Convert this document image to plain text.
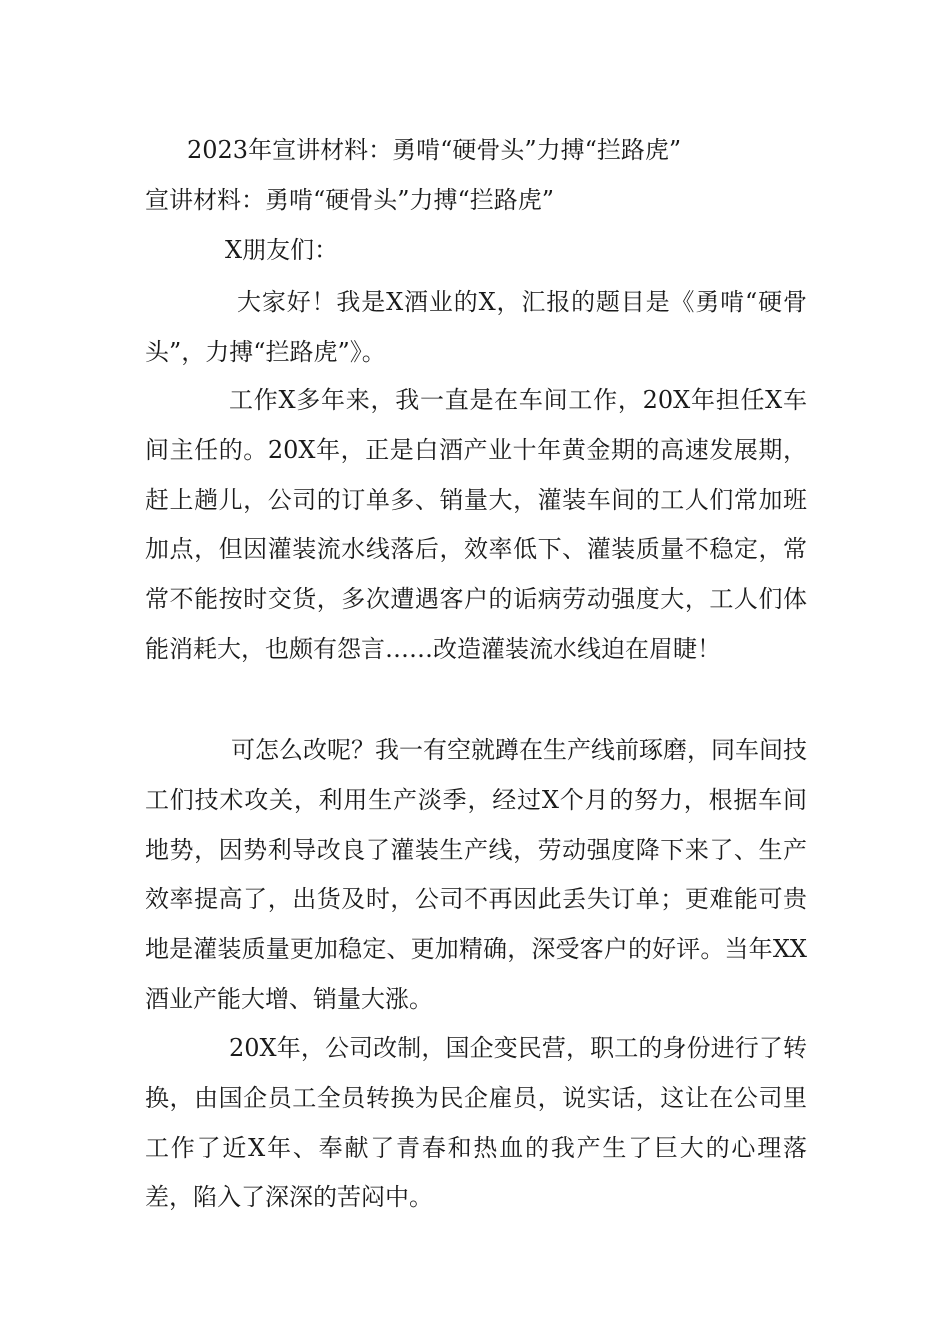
2023年宣讲材料：勇啃“硬骨头”力搏“拦路虎”
宣讲材料：勇啃“硬骨头”力搏“拦路虎”
X朋友们：
大家好！我是X酒业的X，汇报的题目是《勇啃“硬骨头”，力搏“拦路虎”》。
工作X多年来，我一直是在车间工作，20X年担任X车间主任的。20X年，正是白酒产业十年黄金期的高速发展期，赶上趟儿，公司的订单多、销量大，灌装车间的工人们常加班加点，但因灌装流水线落后，效率低下、灌装质量不稳定，常常不能按时交货，多次遭遇客户的诟病劳动强度大，工人们体能消耗大，也颇有怨言……改造灌装流水线迫在眉睫！
可怎么改呢？我一有空就蹲在生产线前琢磨，同车间技工们技术攻关，利用生产淡季，经过X个月的努力，根据车间地势，因势利导改良了灌装生产线，劳动强度降下来了、生产效率提高了，出货及时，公司不再因此丢失订单；更难能可贵地是灌装质量更加稳定、更加精确，深受客户的好评。当年XX酒业产能大增、销量大涨。
20X年，公司改制，国企变民营，职工的身份进行了转换，由国企员工全员转换为民企雇员，说实话，这让在公司里工作了近X年、奉献了青春和热血的我产生了巨大的心理落差，陷入了深深的苦闷中。
